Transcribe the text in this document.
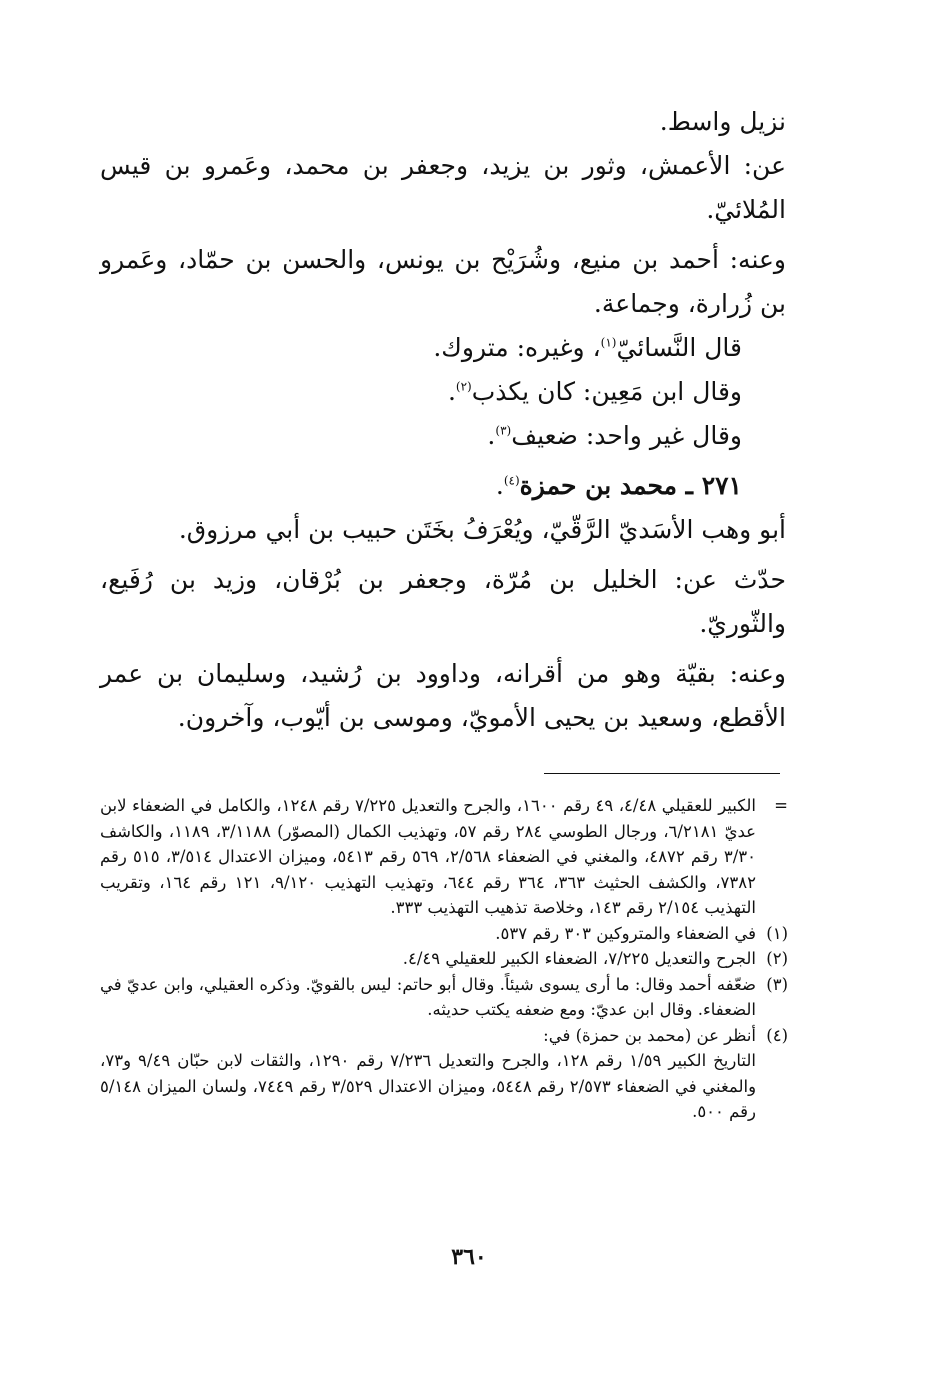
نزيل واسط.

عن: الأعمش، وثور بن يزيد، وجعفر بن محمد، وعَمرو بن قيس المُلائيّ.

وعنه: أحمد بن منيع، وشُرَيْح بن يونس، والحسن بن حمّاد، وعَمرو بن زُرارة، وجماعة.

قال النَّسائيّ$^{(١)}$، وغيره: متروك.

وقال ابن مَعِين: كان يكذب$^{(٢)}$.

وقال غير واحد: ضعيف$^{(٣)}$.

٢٧١ ـ محمد بن حمزة$^{(٤)}$.

أبو وهب الأسَديّ الرَّقّيّ، ويُعْرَفُ بخَتَن حبيب بن أبي مرزوق.

حدّث عن: الخليل بن مُرّة، وجعفر بن بُرْقان، وزيد بن رُفَيع، والثّوريّ.

وعنه: بقيّة وهو من أقرانه، وداوود بن رُشيد، وسليمان بن عمر الأقطع، وسعيد بن يحيى الأمويّ، وموسى بن أيّوب، وآخرون.

=
الكبير للعقيلي ٤/٤٨، ٤٩ رقم ١٦٠٠، والجرح والتعديل ٧/٢٢٥ رقم ١٢٤٨، والكامل في الضعفاء لابن عديّ ٦/٢١٨١، ورجال الطوسي ٢٨٤ رقم ٥٧، وتهذيب الكمال (المصوّر) ٣/١١٨٨، ١١٨٩، والكاشف ٣/٣٠ رقم ٤٨٧٢، والمغني في الضعفاء ٢/٥٦٨، ٥٦٩ رقم ٥٤١٣، وميزان الاعتدال ٣/٥١٤، ٥١٥ رقم ٧٣٨٢، والكشف الحثيث ٣٦٣، ٣٦٤ رقم ٦٤٤، وتهذيب التهذيب ٩/١٢٠، ١٢١ رقم ١٦٤، وتقريب التهذيب ٢/١٥٤ رقم ١٤٣، وخلاصة تذهيب التهذيب ٣٣٣.
(١)
في الضعفاء والمتروكين ٣٠٣ رقم ٥٣٧.
(٢)
الجرح والتعديل ٧/٢٢٥، الضعفاء الكبير للعقيلي ٤/٤٩.
(٣)
ضعّفه أحمد وقال: ما أرى يسوى شيئاً. وقال أبو حاتم: ليس بالقويّ. وذكره العقيلي، وابن عديّ في الضعفاء. وقال ابن عديّ: ومع ضعفه يكتب حديثه.
(٤)
أنظر عن (محمد بن حمزة) في:
التاريخ الكبير ١/٥٩ رقم ١٢٨، والجرح والتعديل ٧/٢٣٦ رقم ١٢٩٠، والثقات لابن حبّان ٩/٤٩ و٧٣، والمغني في الضعفاء ٢/٥٧٣ رقم ٥٤٤٨، وميزان الاعتدال ٣/٥٢٩ رقم ٧٤٤٩، ولسان الميزان ٥/١٤٨ رقم ٥٠٠.
٣٦٠
